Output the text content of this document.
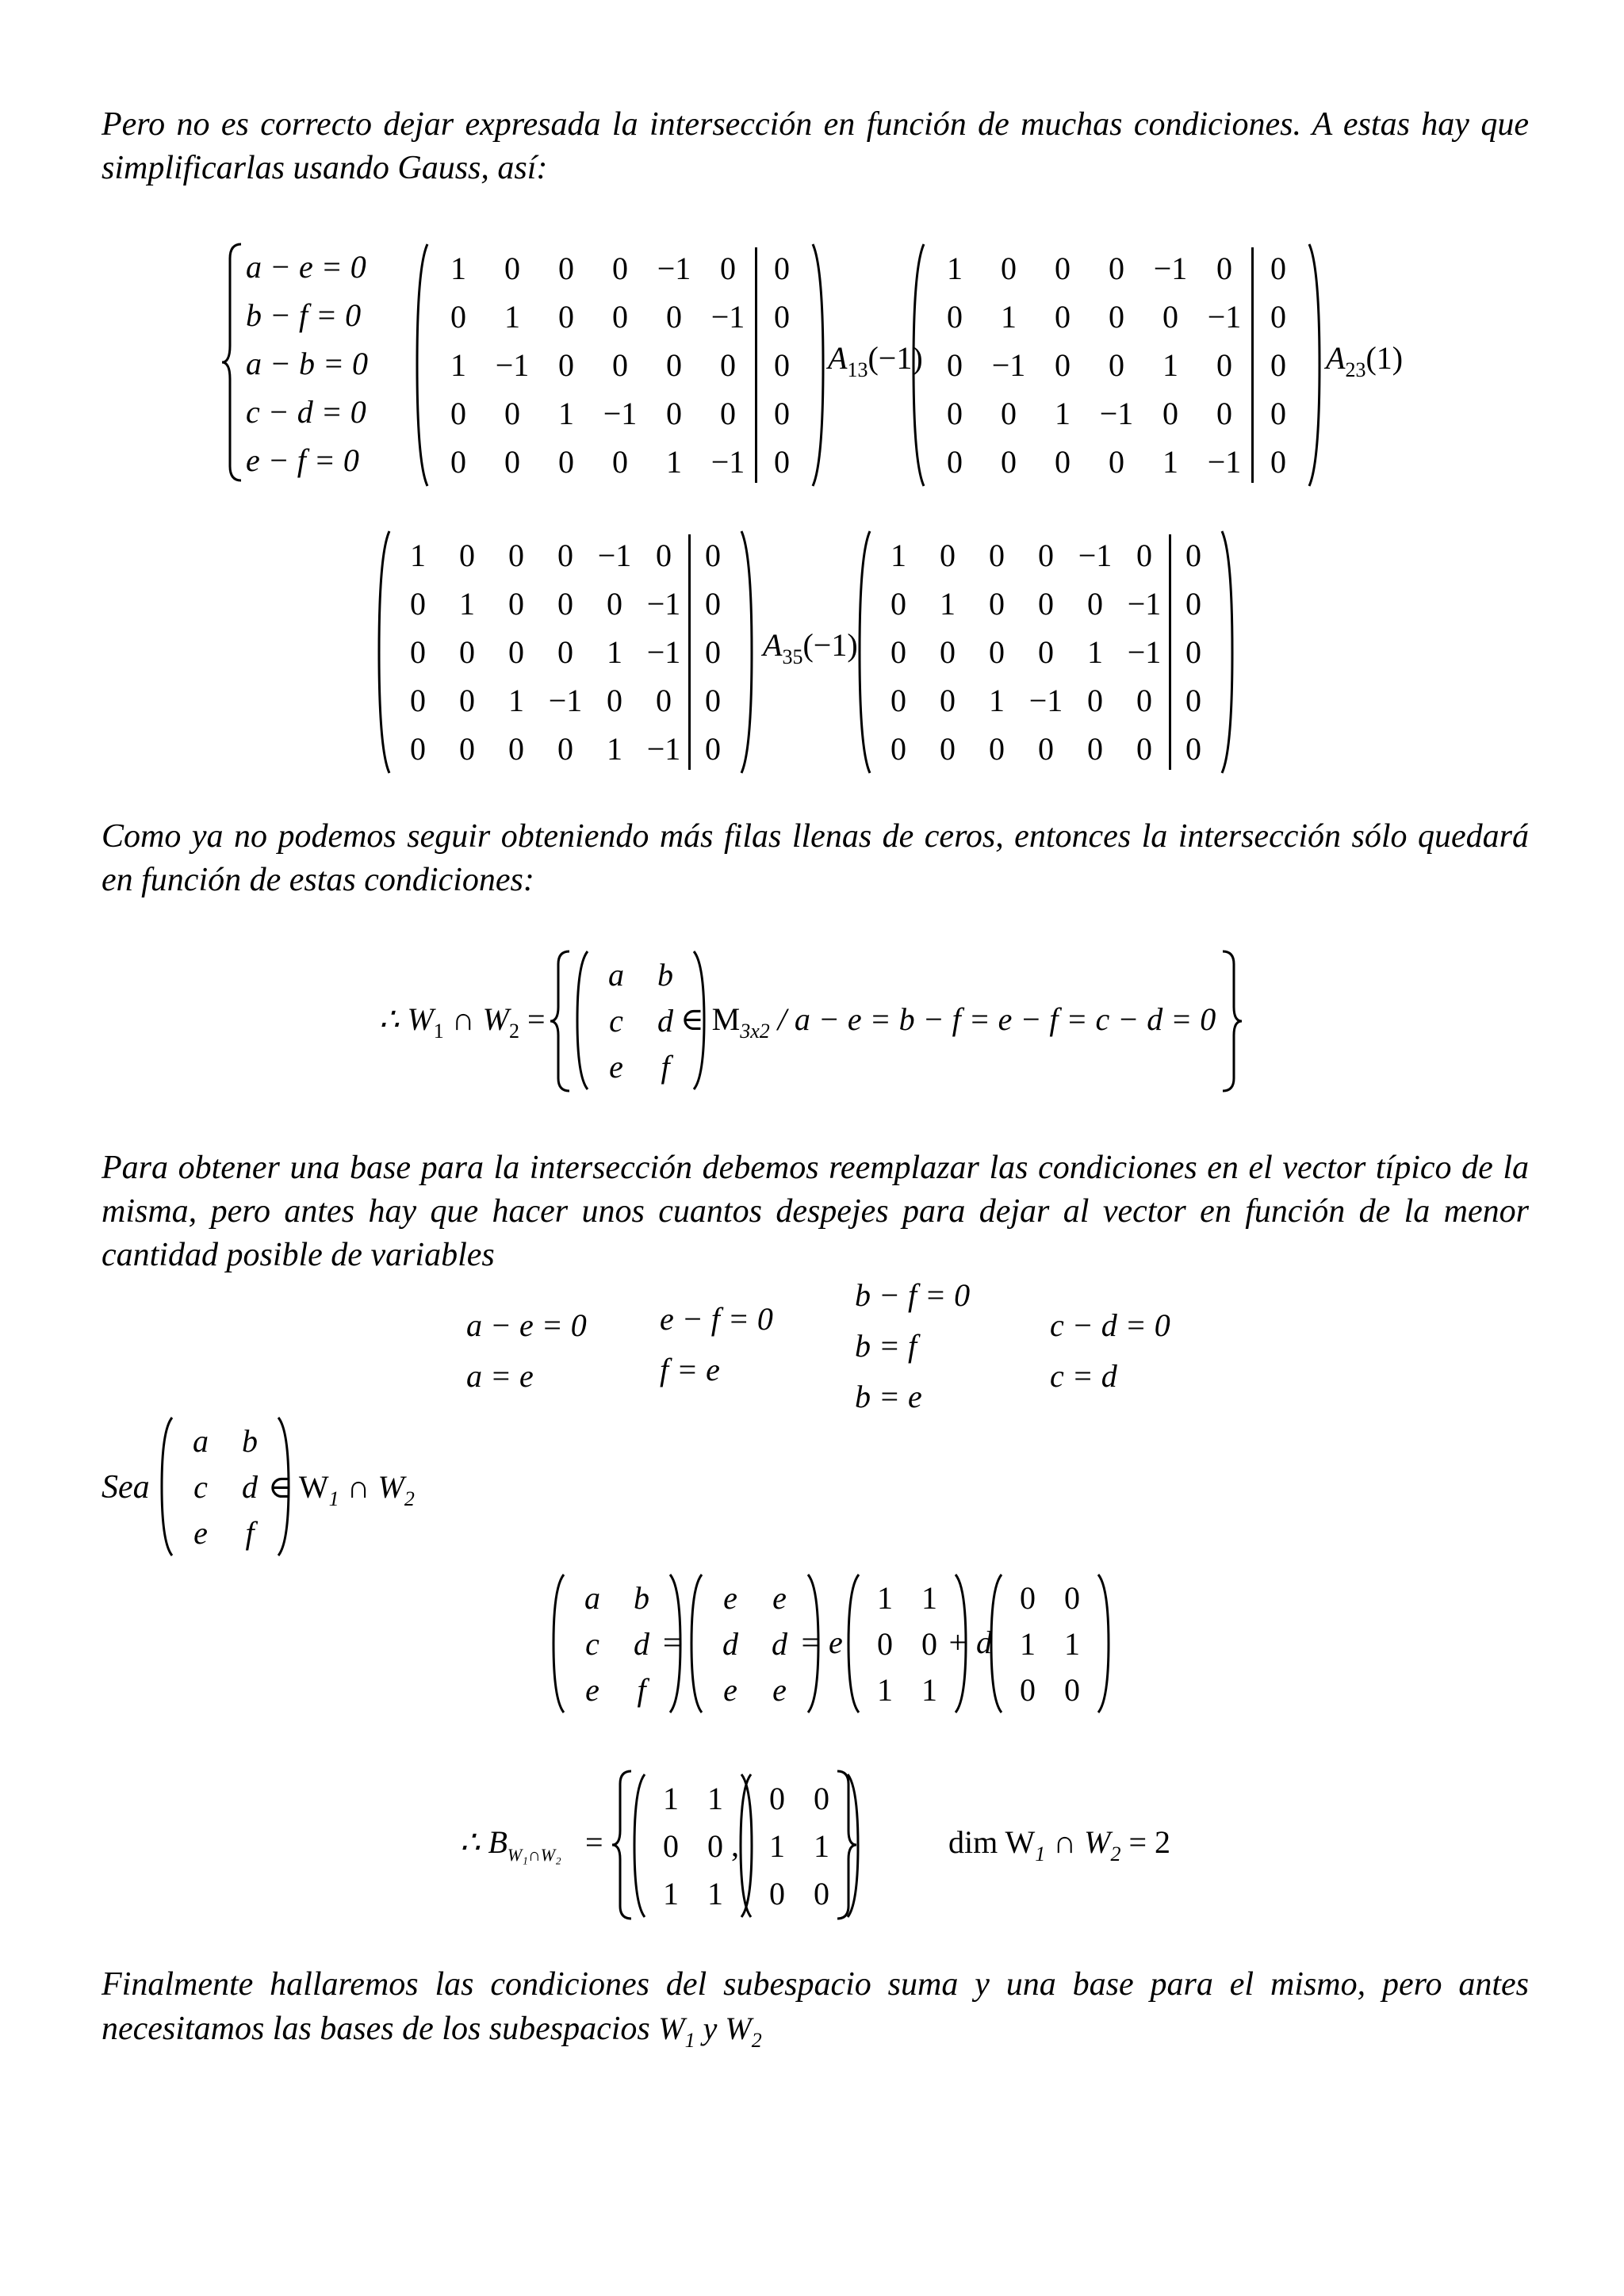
Pero no es correcto dejar expresada la intersección en función de muchas condiciones. A estas hay que simplificarlas usando Gauss, así:
a − e = 0
b − f = 0
a − b = 0
c − d = 0
e − f = 0
1 0 0 0 −1 0 0
0 1 0 0 0 −1 0
1 −1 0 0 0 0 0
0 0 1 −1 0 0 0
0 0 0 0 1 −1 0
$A_{13}(-1)$
1 0 0 0 −1 0 0
0 1 0 0 0 −1 0
0 −1 0 0 1 0 0
0 0 1 −1 0 0 0
0 0 0 0 1 −1 0
$A_{23}(1)$
1 0 0 0 −1 0 0
0 1 0 0 0 −1 0
0 0 0 0 1 −1 0
0 0 1 −1 0 0 0
0 0 0 0 1 −1 0
$A_{35}(-1)$
1 0 0 0 −1 0 0
0 1 0 0 0 −1 0
0 0 0 0 1 −1 0
0 0 1 −1 0 0 0
0 0 0 0 0 0 0
Como ya no podemos seguir obteniendo más filas llenas de ceros, entonces la intersección sólo quedará en función de estas condiciones:
∴ $W_1$ ∩ $W_2$ =
a b
c d
e f
∈ $M_{3x2} / a - e = b - f = e - f = c - d = 0$
Para obtener una base para la intersección debemos reemplazar las condiciones en el vector típico de la misma, pero antes hay que hacer unos cuantos despejes para dejar al vector en función de la menor cantidad posible de variables
a − e = 0
a = e
e − f = 0
f = e
b − f = 0
b = f
b = e
c − d = 0
c = d
Sea
a b
c d
e f
∈ $W_1$ ∩ $W_2$
a b
c d
e f
=
e e
d d
e e
= e
1 1
0 0
1 1
+ d
0 0
1 1
0 0
∴ $B_{W_1\cap W_2}$ =
1 1
0 0
1 1
,
0 0
1 1
0 0
dim $W_1$ ∩ $W_2 = 2$
Finalmente hallaremos las condiciones del subespacio suma y una base para el mismo, pero antes necesitamos las bases de los subespacios $W_1$ y $W_2$
